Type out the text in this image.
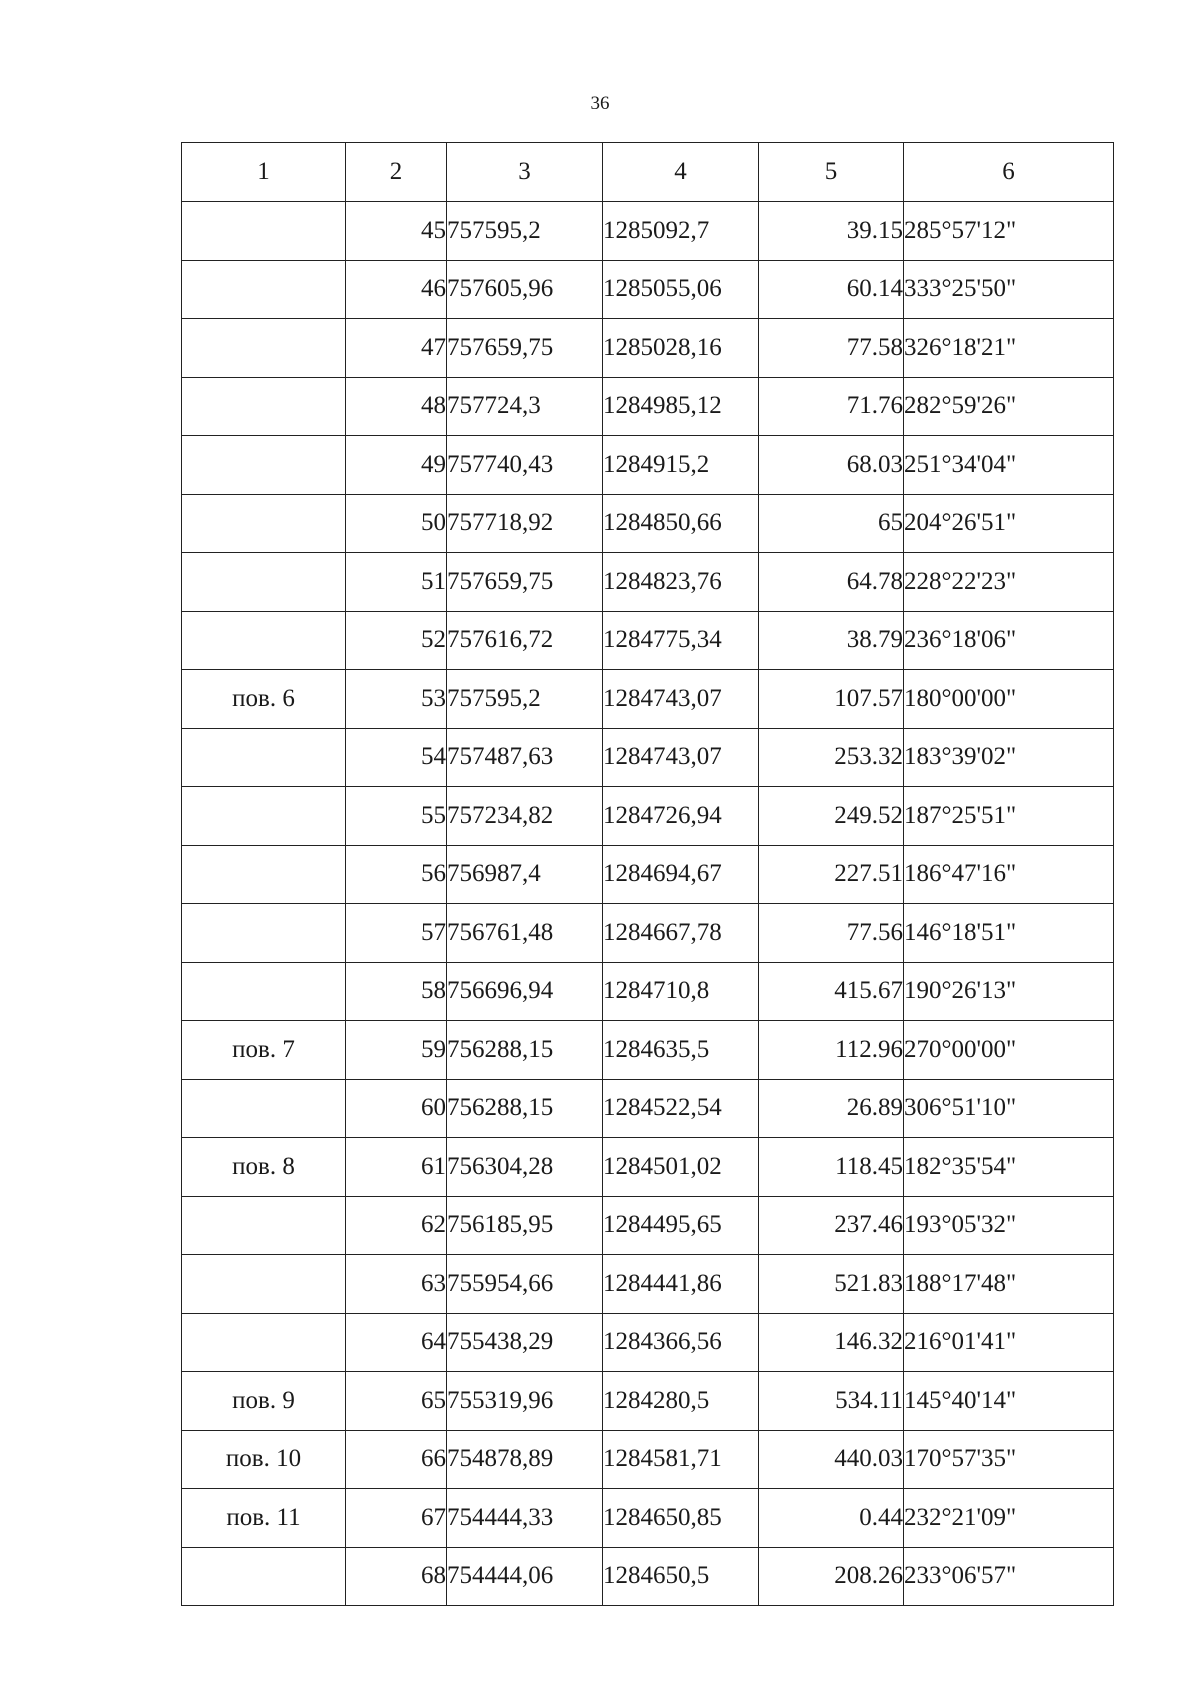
36
1	2	3	4	5	6
	45	757595,2	1285092,7	39.15	285°57'12"
	46	757605,96	1285055,06	60.14	333°25'50"
	47	757659,75	1285028,16	77.58	326°18'21"
	48	757724,3	1284985,12	71.76	282°59'26"
	49	757740,43	1284915,2	68.03	251°34'04"
	50	757718,92	1284850,66	65	204°26'51"
	51	757659,75	1284823,76	64.78	228°22'23"
	52	757616,72	1284775,34	38.79	236°18'06"
пов. 6	53	757595,2	1284743,07	107.57	180°00'00"
	54	757487,63	1284743,07	253.32	183°39'02"
	55	757234,82	1284726,94	249.52	187°25'51"
	56	756987,4	1284694,67	227.51	186°47'16"
	57	756761,48	1284667,78	77.56	146°18'51"
	58	756696,94	1284710,8	415.67	190°26'13"
пов. 7	59	756288,15	1284635,5	112.96	270°00'00"
	60	756288,15	1284522,54	26.89	306°51'10"
пов. 8	61	756304,28	1284501,02	118.45	182°35'54"
	62	756185,95	1284495,65	237.46	193°05'32"
	63	755954,66	1284441,86	521.83	188°17'48"
	64	755438,29	1284366,56	146.32	216°01'41"
пов. 9	65	755319,96	1284280,5	534.11	145°40'14"
пов. 10	66	754878,89	1284581,71	440.03	170°57'35"
пов. 11	67	754444,33	1284650,85	0.44	232°21'09"
	68	754444,06	1284650,5	208.26	233°06'57"
